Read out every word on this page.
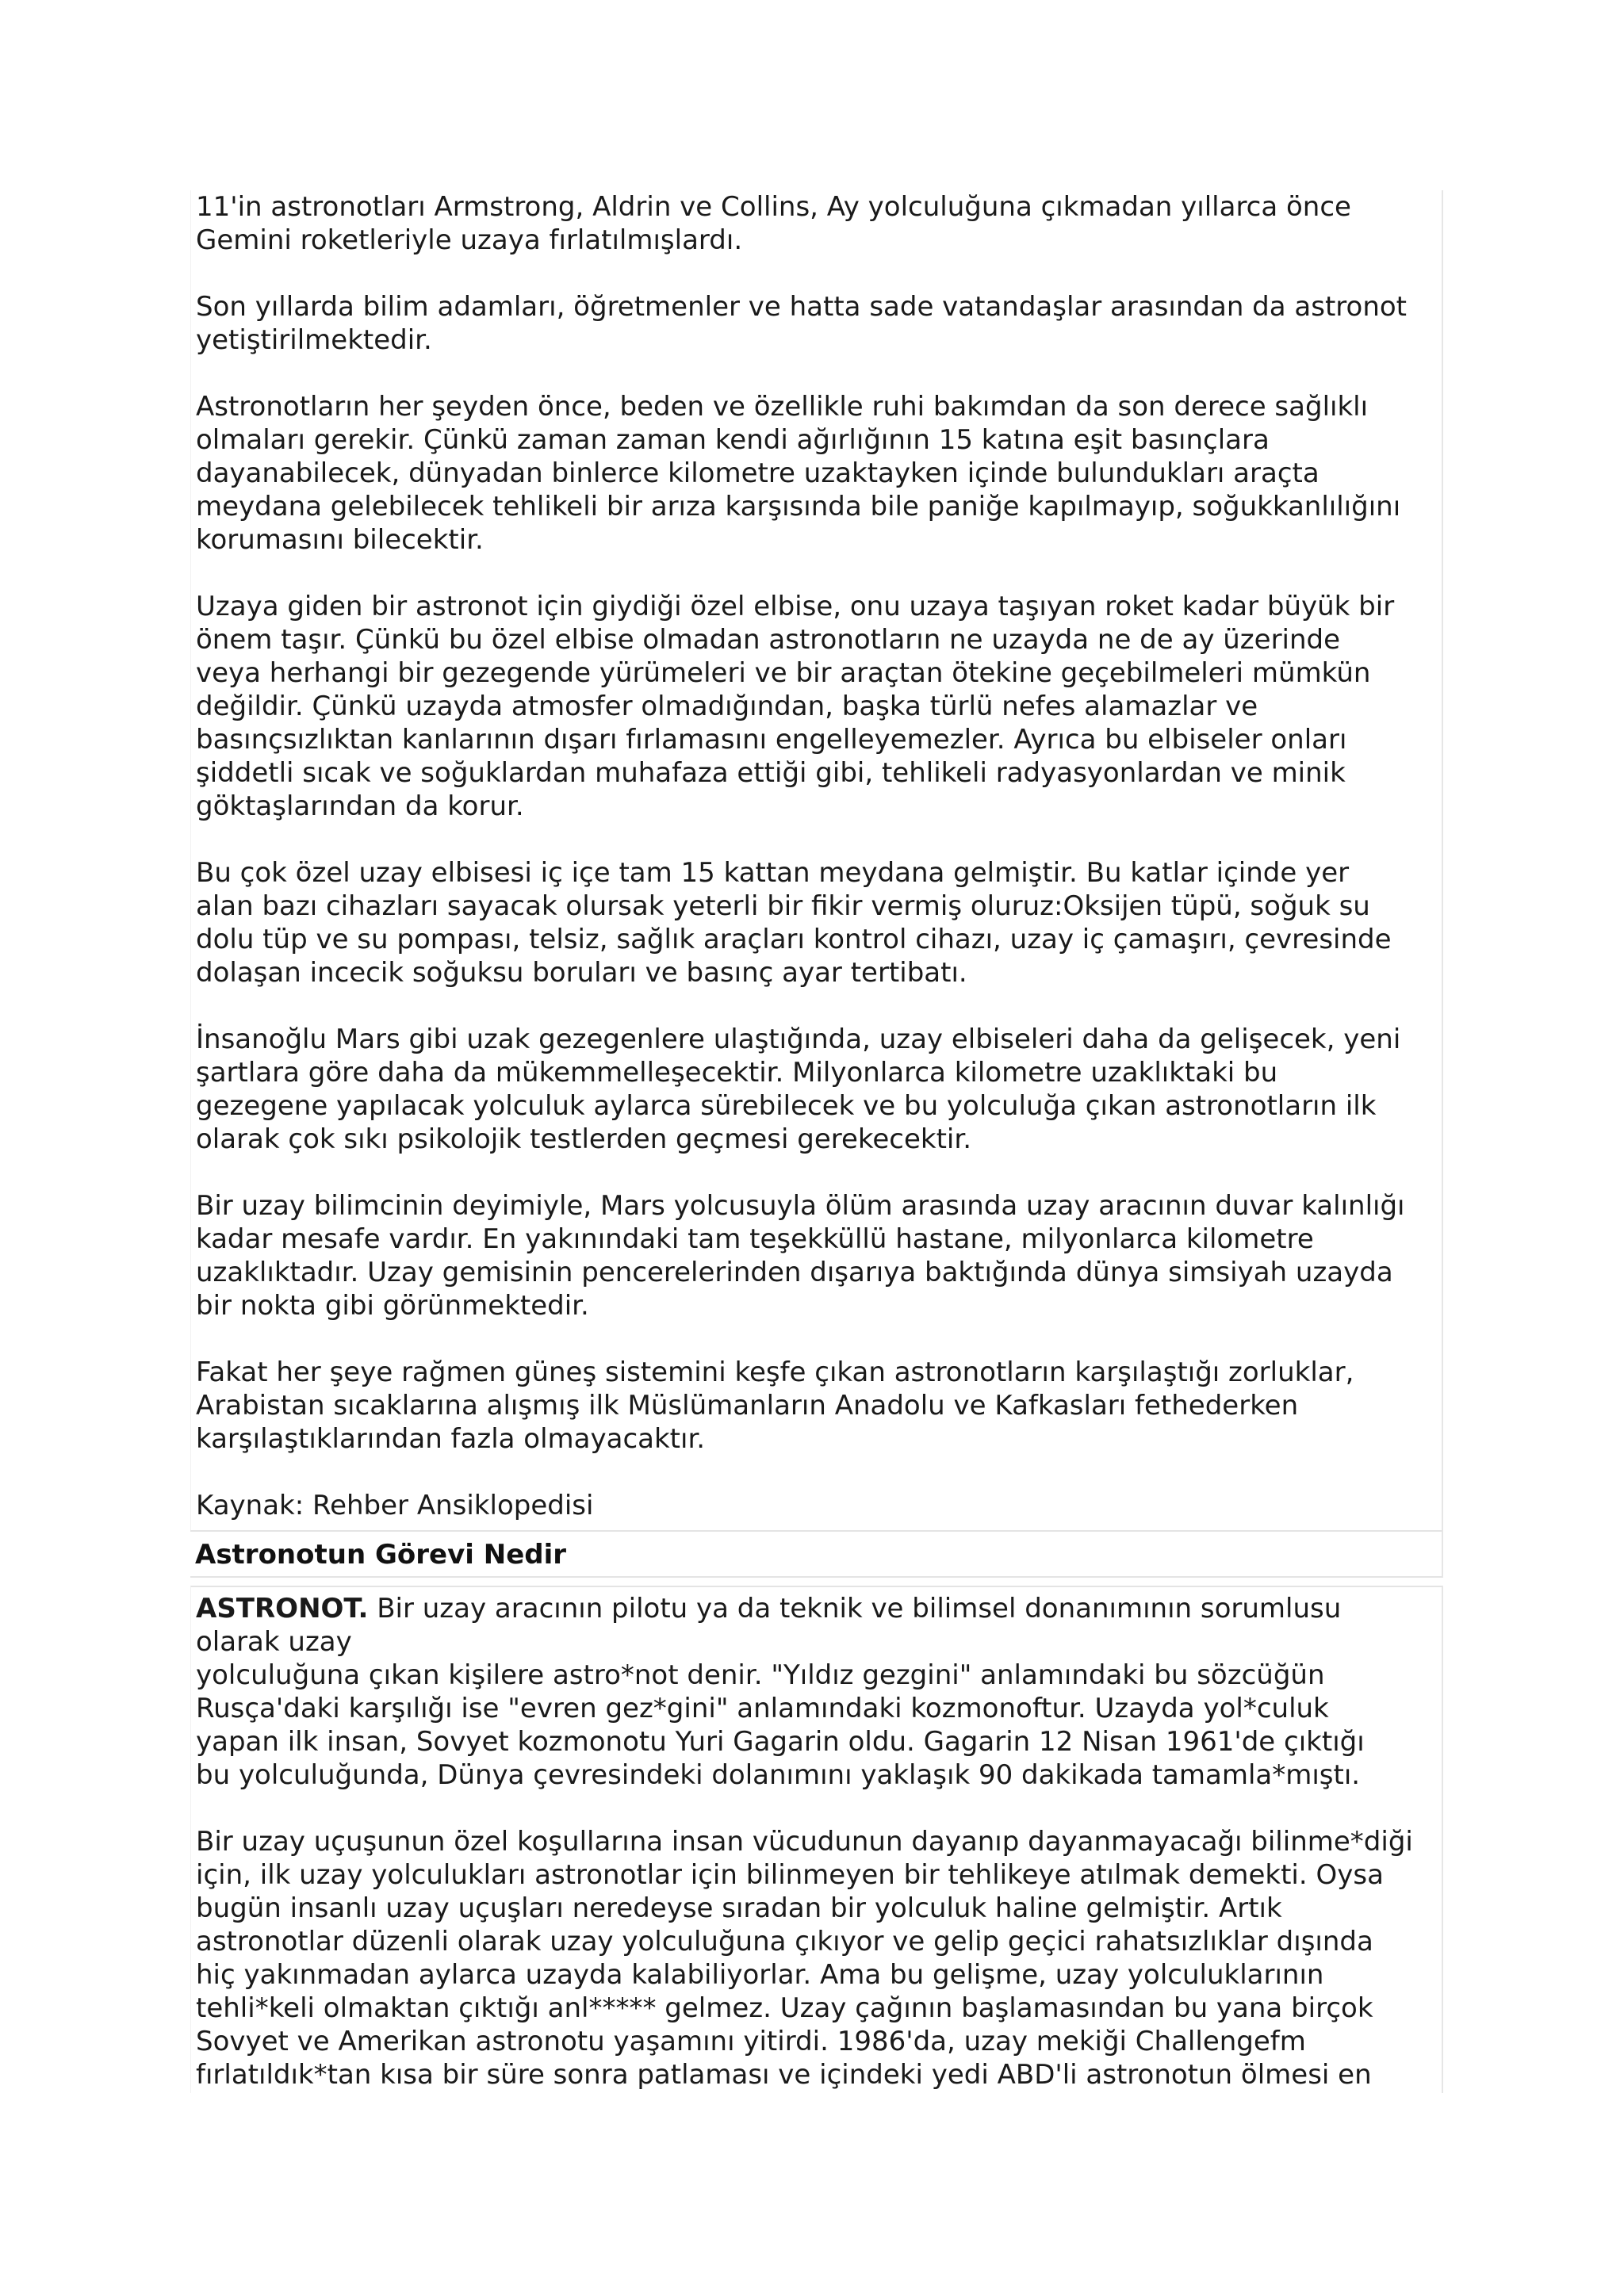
11'in astronotları Armstrong, Aldrin ve Collins, Ay yolculuğuna çıkmadan yıllarca önce
Gemini roketleriyle uzaya fırlatılmışlardı.

Son yıllarda bilim adamları, öğretmenler ve hatta sade vatandaşlar arasından da astronot
yetiştirilmektedir.

Astronotların her şeyden önce, beden ve özellikle ruhi bakımdan da son derece sağlıklı
olmaları gerekir. Çünkü zaman zaman kendi ağırlığının 15 katına eşit basınçlara
dayanabilecek, dünyadan binlerce kilometre uzaktayken içinde bulundukları araçta
meydana gelebilecek tehlikeli bir arıza karşısında bile paniğe kapılmayıp, soğukkanlılığını
korumasını bilecektir.

Uzaya giden bir astronot için giydiği özel elbise, onu uzaya taşıyan roket kadar büyük bir
önem taşır. Çünkü bu özel elbise olmadan astronotların ne uzayda ne de ay üzerinde
veya herhangi bir gezegende yürümeleri ve bir araçtan ötekine geçebilmeleri mümkün
değildir. Çünkü uzayda atmosfer olmadığından, başka türlü nefes alamazlar ve
basınçsızlıktan kanlarının dışarı fırlamasını engelleyemezler. Ayrıca bu elbiseler onları
şiddetli sıcak ve soğuklardan muhafaza ettiği gibi, tehlikeli radyasyonlardan ve minik
göktaşlarından da korur.

Bu çok özel uzay elbisesi iç içe tam 15 kattan meydana gelmiştir. Bu katlar içinde yer
alan bazı cihazları sayacak olursak yeterli bir fikir vermiş oluruz:Oksijen tüpü, soğuk su
dolu tüp ve su pompası, telsiz, sağlık araçları kontrol cihazı, uzay iç çamaşırı, çevresinde
dolaşan incecik soğuksu boruları ve basınç ayar tertibatı.

İnsanoğlu Mars gibi uzak gezegenlere ulaştığında, uzay elbiseleri daha da gelişecek, yeni
şartlara göre daha da mükemmelleşecektir. Milyonlarca kilometre uzaklıktaki bu
gezegene yapılacak yolculuk aylarca sürebilecek ve bu yolculuğa çıkan astronotların ilk
olarak çok sıkı psikolojik testlerden geçmesi gerekecektir.

Bir uzay bilimcinin deyimiyle, Mars yolcusuyla ölüm arasında uzay aracının duvar kalınlığı
kadar mesafe vardır. En yakınındaki tam teşekküllü hastane, milyonlarca kilometre
uzaklıktadır. Uzay gemisinin pencerelerinden dışarıya baktığında dünya simsiyah uzayda
bir nokta gibi görünmektedir.

Fakat her şeye rağmen güneş sistemini keşfe çıkan astronotların karşılaştığı zorluklar,
Arabistan sıcaklarına alışmış ilk Müslümanların Anadolu ve Kafkasları fethederken
karşılaştıklarından fazla olmayacaktır.

Kaynak: Rehber Ansiklopedisi

Astronotun Görevi Nedir

ASTRONOT. Bir uzay aracının pilotu ya da teknik ve bilimsel donanımının sorumlusu
olarak uzay
yolculuğuna çıkan kişilere astro*not denir. "Yıldız gezgini" anlamındaki bu sözcüğün
Rusça'daki karşılığı ise "evren gez*gini" anlamındaki kozmonoftur. Uzayda yol*culuk
yapan ilk insan, Sovyet kozmonotu Yuri Gagarin oldu. Gagarin 12 Nisan 1961'de çıktığı
bu yolculuğunda, Dünya çevresindeki dolanımını yaklaşık 90 dakikada tamamla*mıştı.

Bir uzay uçuşunun özel koşullarına insan vücudunun dayanıp dayanmayacağı bilinme*diği
için, ilk uzay yolculukları astronotlar için bilinmeyen bir tehlikeye atılmak demekti. Oysa
bugün insanlı uzay uçuşları neredeyse sıradan bir yolculuk haline gelmiştir. Artık
astronotlar düzenli olarak uzay yolculuğuna çıkıyor ve gelip geçici rahatsızlıklar dışında
hiç yakınmadan aylarca uzayda kalabiliyorlar. Ama bu gelişme, uzay yolculuklarının
tehli*keli olmaktan çıktığı anl***** gelmez. Uzay çağının başlamasından bu yana birçok
Sovyet ve Amerikan astronotu yaşamını yitirdi. 1986'da, uzay mekiği Challengefm
fırlatıldık*tan kısa bir süre sonra patlaması ve içindeki yedi ABD'li astronotun ölmesi en
